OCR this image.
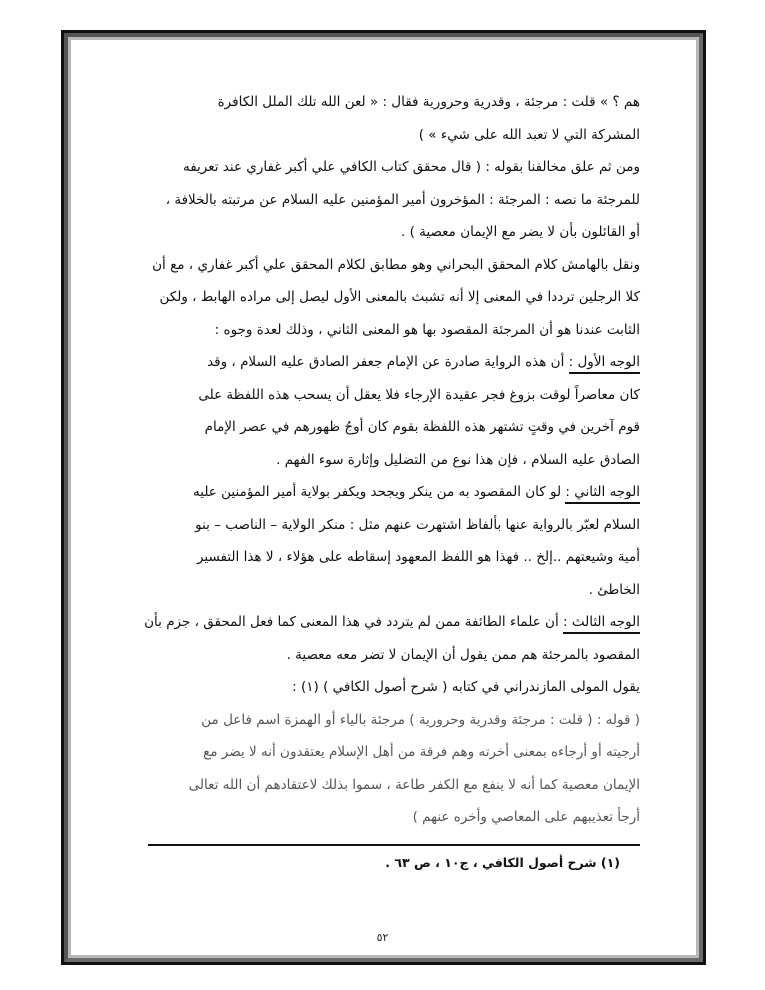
هم ؟ » قلت : مرجئة ، وقدرية وحرورية فقال : « لعن الله تلك الملل الكافرة
المشركة التي لا تعبد الله على شيء » )
ومن ثم علق مخالفنا بقوله : ( قال محقق كتاب الكافي علي أكبر غفاري عند تعريفه
للمرجئة ما نصه : المرجئة : المؤخرون أمير المؤمنين عليه السلام عن مرتبته بالخلافة ،
أو القائلون بأن لا يضر مع الإيمان معصية ) .
ونقل بالهامش كلام المحقق البحراني وهو مطابق لكلام المحقق علي أكبر غفاري ، مع أن
كلا الرجلين ترددا في المعنى إلا أنه تشبث بالمعنى الأول ليصل إلى مراده الهابط ، ولكن
الثابت عندنا هو أن المرجئة المقصود بها هو المعنى الثاني ، وذلك لعدة وجوه :
الوجه الأول : أن هذه الرواية صادرة عن الإمام جعفر الصادق عليه السلام ، وقد
كان معاصراً لوقت بزوغ فجر عقيدة الإرجاء فلا يعقل أن يسحب هذه اللفظة على
قوم آخرين في وقتٍ تشتهر هذه اللفظة بقوم كان أوجُ ظهورهم في عصر الإمام
الصادق عليه السلام ، فإن هذا نوع من التضليل وإثارة سوء الفهم .
الوجه الثاني : لو كان المقصود به من ينكر ويجحد ويكفر بولاية أمير المؤمنين عليه
السلام لعبّر بالرواية عنها بألفاظ اشتهرت عنهم مثل : منكر الولاية – الناصب – بنو
أمية وشيعتهم ..إلخ .. فهذا هو اللفظ المعهود إسقاطه على هؤلاء ، لا هذا التفسير
الخاطئ .
الوجه الثالث : أن علماء الطائفة ممن لم يتردد في هذا المعنى كما فعل المحقق ، جزم بأن
المقصود بالمرجئة هم ممن يقول أن الإيمان لا تضر معه معصية .
يقول المولى المازندراني في كتابه ( شرح أصول الكافي ) (١) :
( قوله : ( قلت : مرجئة وقدرية وحرورية ) مرجئة بالياء أو الهمزة اسم فاعل من
أرجيته أو أرجاءه بمعنى أخرته وهم فرقة من أهل الإسلام يعتقدون أنه لا يضر مع
الإيمان معصية كما أنه لا ينفع مع الكفر طاعة ، سموا بذلك لاعتقادهم أن الله تعالى
أرجأ تعذيبهم على المعاصي وأخره عنهم )
(١) شرح أصول الكافي ، ج١٠ ، ص ٦٣ .
٥٢
